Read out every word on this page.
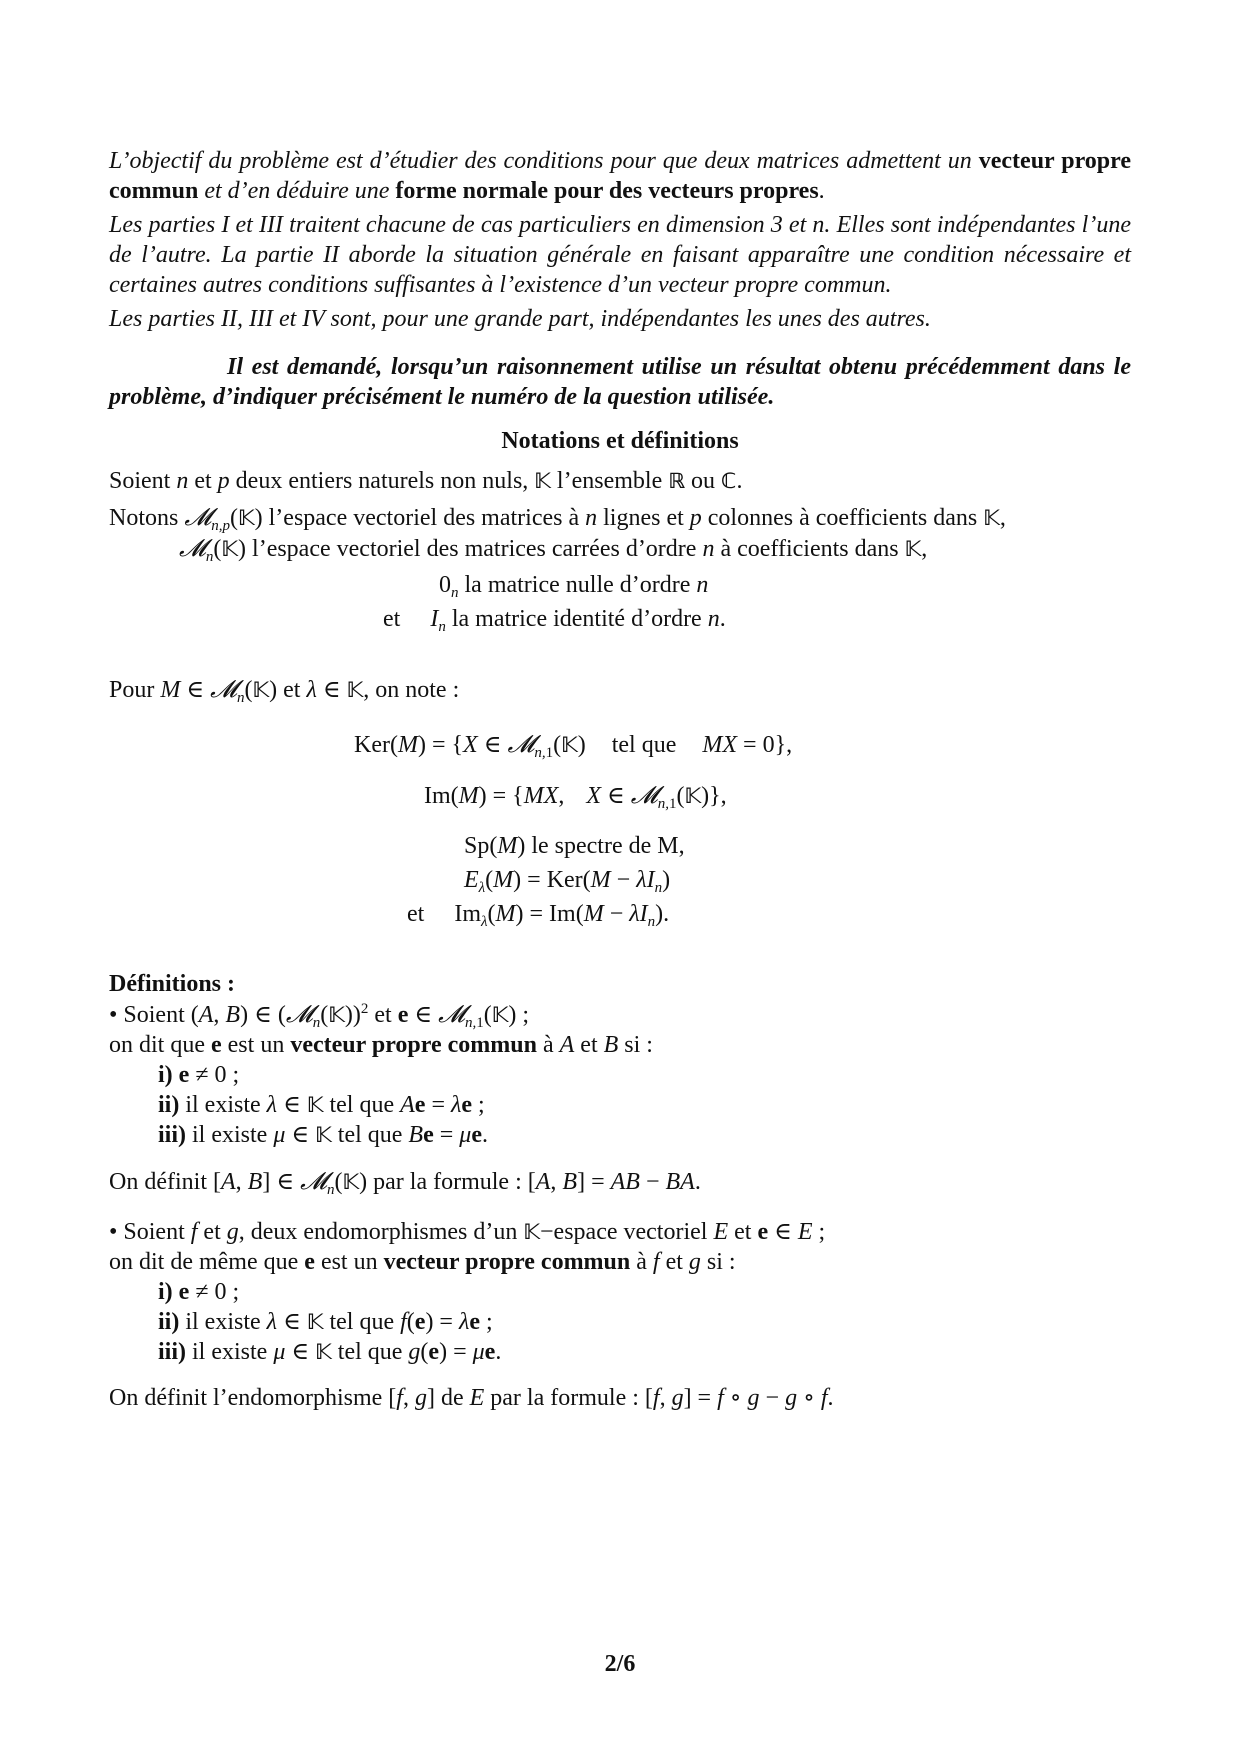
L’objectif du problème est d’étudier des conditions pour que deux matrices admettent un vecteur propre commun et d’en déduire une forme normale pour des vecteurs propres.

Les parties I et III traitent chacune de cas particuliers en dimension 3 et n. Elles sont indépendantes l’une de l’autre. La partie II aborde la situation générale en faisant apparaître une condition nécessaire et certaines autres conditions suffisantes à l’existence d’un vecteur propre commun.

Les parties II, III et IV sont, pour une grande part, indépendantes les unes des autres.

Il est demandé, lorsqu’un raisonnement utilise un résultat obtenu précédemment dans le problème, d’indiquer précisément le numéro de la question utilisée.

Notations et définitions

Soient n et p deux entiers naturels non nuls, 𝕂 l’ensemble ℝ ou ℂ.

Notons 𝓜$_{n,p}$(𝕂) l’espace vectoriel des matrices à n lignes et p colonnes à coefficients dans 𝕂,

𝓜$_n$(𝕂) l’espace vectoriel des matrices carrées d’ordre n à coefficients dans 𝕂,

$0_n$ la matrice nulle d’ordre n

et $I_n$ la matrice identité d’ordre n.

Pour M ∈ 𝓜$_n$(𝕂) et λ ∈ 𝕂, on note :

Ker(M) = {X ∈ 𝓜$_{n,1}$(𝕂) tel que MX = 0},

Im(M) = {MX, X ∈ 𝓜$_{n,1}$(𝕂)},

Sp(M) le spectre de M,

$E_\lambda(M) = Ker(M - \lambda I_n)$

et $Im_\lambda(M) = Im(M - \lambda I_n)$.

Définitions :

• Soient (A, B) ∈ (𝓜$_n$(𝕂))$^2$ et e ∈ 𝓜$_{n,1}$(𝕂) ;

on dit que e est un vecteur propre commun à A et B si :

i) e ≠ 0 ;

ii) il existe λ ∈ 𝕂 tel que Ae = λe ;

iii) il existe μ ∈ 𝕂 tel que Be = μe.

On définit [A, B] ∈ 𝓜$_n$(𝕂) par la formule : [A, B] = AB − BA.

• Soient f et g, deux endomorphismes d’un 𝕂−espace vectoriel E et e ∈ E ;

on dit de même que e est un vecteur propre commun à f et g si :

i) e ≠ 0 ;

ii) il existe λ ∈ 𝕂 tel que f(e) = λe ;

iii) il existe μ ∈ 𝕂 tel que g(e) = μe.

On définit l’endomorphisme [f, g] de E par la formule : [f, g] = f ∘ g − g ∘ f.

2/6
